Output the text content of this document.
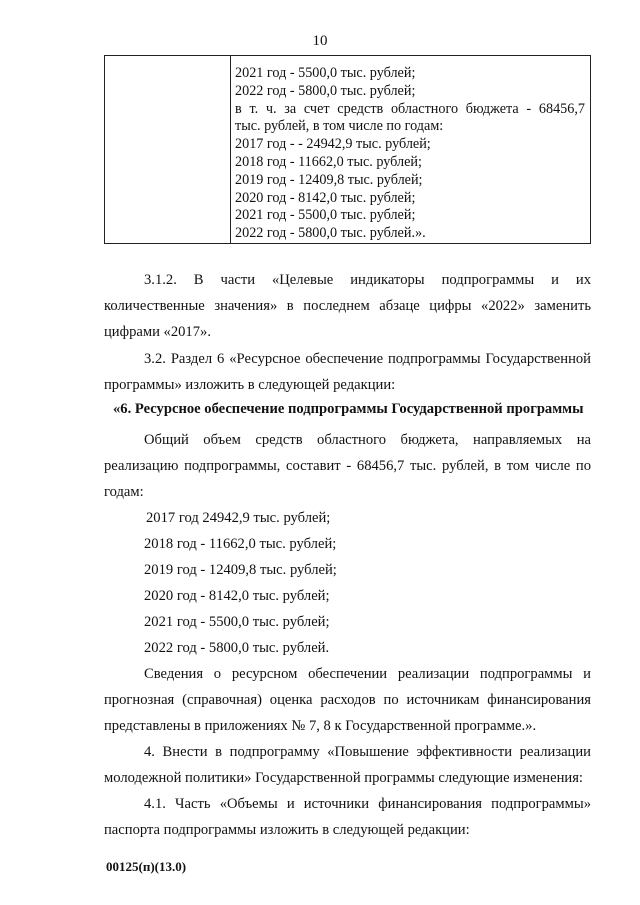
10

2021 год - 5500,0 тыс. рублей;
2022 год - 5800,0 тыс. рублей;
в т. ч. за счет средств областного бюджета - 68456,7
тыс. рублей, в том числе по годам:
2017 год - - 24942,9 тыс. рублей;
2018 год - 11662,0 тыс. рублей;
2019 год - 12409,8 тыс. рублей;
2020 год - 8142,0 тыс. рублей;
2021 год - 5500,0 тыс. рублей;
2022 год - 5800,0 тыс. рублей.».
3.1.2. В части «Целевые индикаторы подпрограммы и их
количественные значения» в последнем абзаце цифры «2022» заменить
цифрами «2017».
3.2. Раздел 6 «Ресурсное обеспечение подпрограммы Государственной
программы» изложить в следующей редакции:
«6. Ресурсное обеспечение подпрограммы Государственной программы
Общий объем средств областного бюджета, направляемых на
реализацию подпрограммы, составит - 68456,7 тыс. рублей, в том числе по
годам:
2017 год 24942,9 тыс. рублей;
2018 год - 11662,0 тыс. рублей;
2019 год - 12409,8 тыс. рублей;
2020 год - 8142,0 тыс. рублей;
2021 год - 5500,0 тыс. рублей;
2022 год - 5800,0 тыс. рублей.
Сведения о ресурсном обеспечении реализации подпрограммы и
прогнозная (справочная) оценка расходов по источникам финансирования
представлены в приложениях № 7, 8 к Государственной программе.».
4. Внести в подпрограмму «Повышение эффективности реализации
молодежной политики» Государственной программы следующие изменения:
4.1. Часть «Объемы и источники финансирования подпрограммы»
паспорта подпрограммы изложить в следующей редакции:
00125(п)(13.0)
